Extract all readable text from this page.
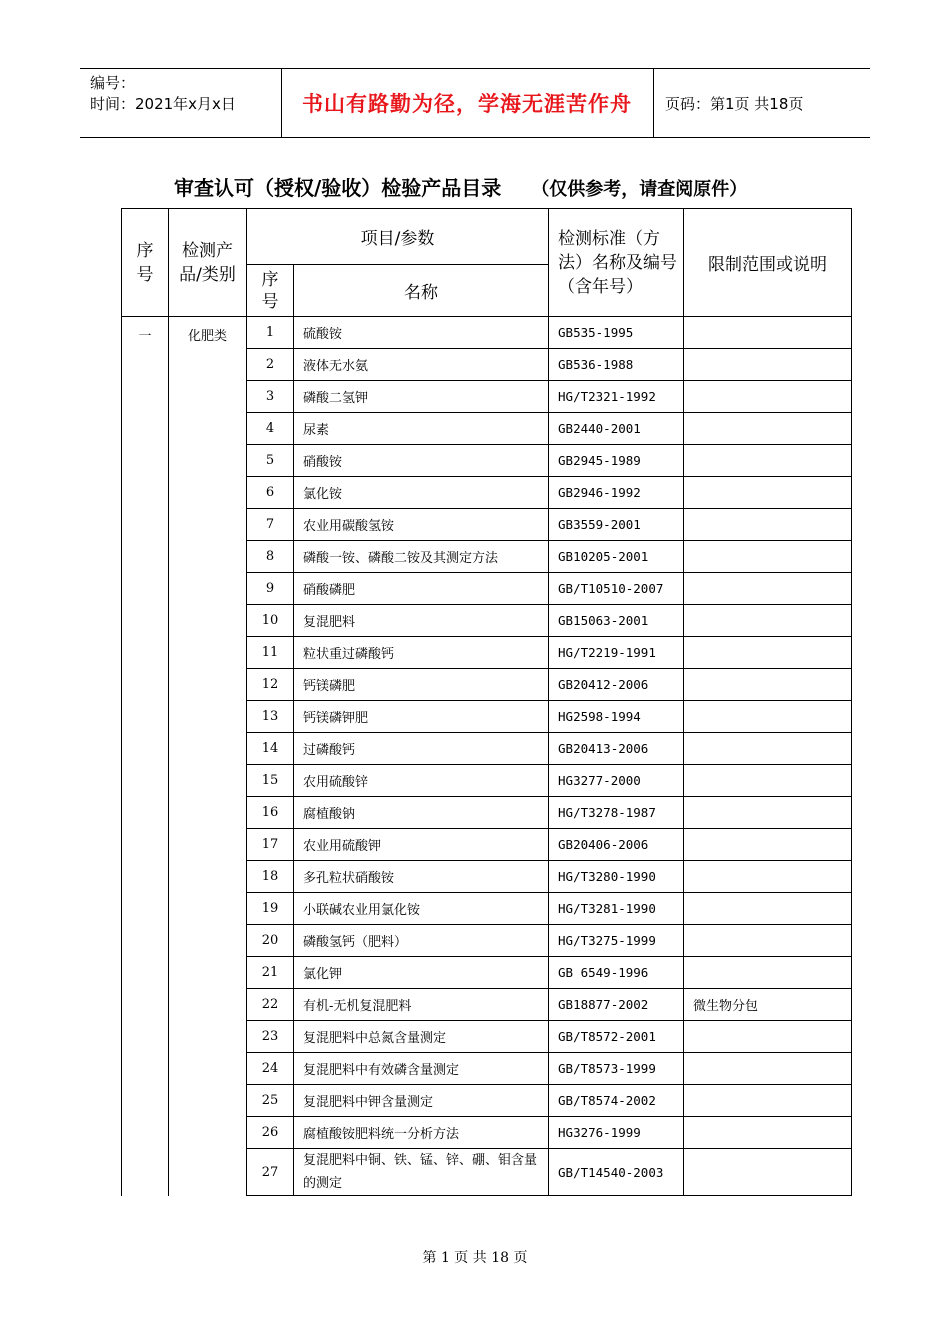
编号：
时间：2021年x月x日	书山有路勤为径，学海无涯苦作舟	页码：第1页 共18页
审查认可（授权/验收）检验产品目录 （仅供参考，请查阅原件）
序号	检测产品/类别	项目/参数		检测标准（方法）名称及编号（含年号）	限制范围或说明
		序号	名称		
一	化肥类	1	硫酸铵	GB535-1995	
		2	液体无水氨	GB536-1988	
		3	磷酸二氢钾	HG/T2321-1992	
		4	尿素	GB2440-2001	
		5	硝酸铵	GB2945-1989	
		6	氯化铵	GB2946-1992	
		7	农业用碳酸氢铵	GB3559-2001	
		8	磷酸一铵、磷酸二铵及其测定方法	GB10205-2001	
		9	硝酸磷肥	GB/T10510-2007	
		10	复混肥料	GB15063-2001	
		11	粒状重过磷酸钙	HG/T2219-1991	
		12	钙镁磷肥	GB20412-2006	
		13	钙镁磷钾肥	HG2598-1994	
		14	过磷酸钙	GB20413-2006	
		15	农用硫酸锌	HG3277-2000	
		16	腐植酸钠	HG/T3278-1987	
		17	农业用硫酸钾	GB20406-2006	
		18	多孔粒状硝酸铵	HG/T3280-1990	
		19	小联碱农业用氯化铵	HG/T3281-1990	
		20	磷酸氢钙（肥料）	HG/T3275-1999	
		21	氯化钾	GB 6549-1996	
		22	有机-无机复混肥料	GB18877-2002	微生物分包
		23	复混肥料中总氮含量测定	GB/T8572-2001	
		24	复混肥料中有效磷含量测定	GB/T8573-1999	
		25	复混肥料中钾含量测定	GB/T8574-2002	
		26	腐植酸铵肥料统一分析方法	HG3276-1999	
		27	复混肥料中铜、铁、锰、锌、硼、钼含量的测定	GB/T14540-2003	
第 1 页 共 18 页
